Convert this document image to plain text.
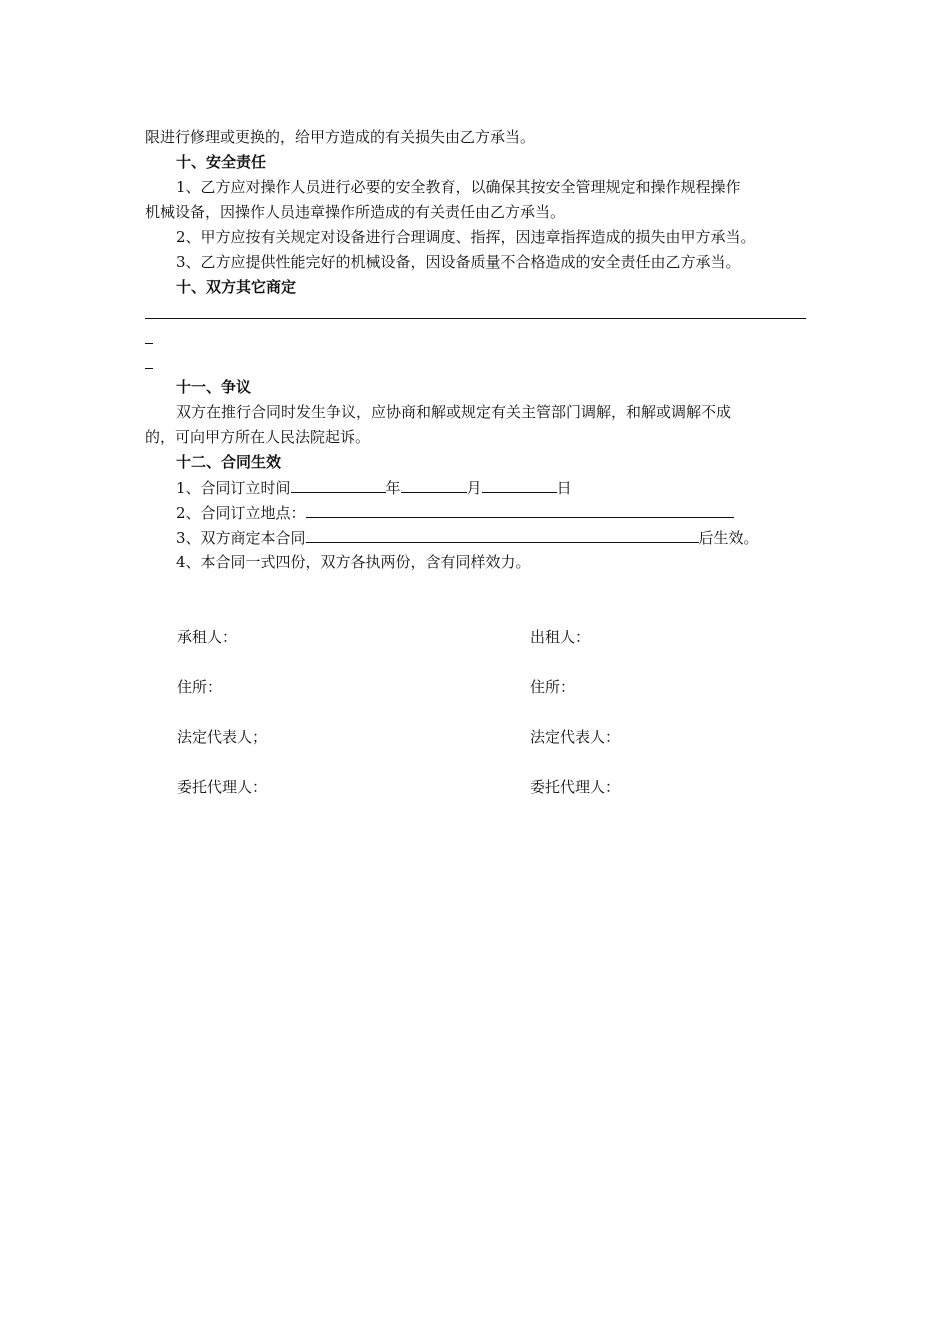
限进行修理或更换的，给甲方造成的有关损失由乙方承当。
十、安全责任
1、乙方应对操作人员进行必要的安全教育，以确保其按安全管理规定和操作规程操作
机械设备，因操作人员违章操作所造成的有关责任由乙方承当。
2、甲方应按有关规定对设备进行合理调度、指挥，因违章指挥造成的损失由甲方承当。
3、乙方应提供性能完好的机械设备，因设备质量不合格造成的安全责任由乙方承当。
十、双方其它商定
十一、争议
双方在推行合同时发生争议，应协商和解或规定有关主管部门调解，和解或调解不成
的，可向甲方所在人民法院起诉。
十二、合同生效
1、合同订立时间	年	月	日
2、合同订立地点：
3、双方商定本合同	后生效。
4、本合同一式四份，双方各执两份，含有同样效力。
承租人：	出租人：
住所：	住所：
法定代表人；	法定代表人：
委托代理人：	委托代理人：
